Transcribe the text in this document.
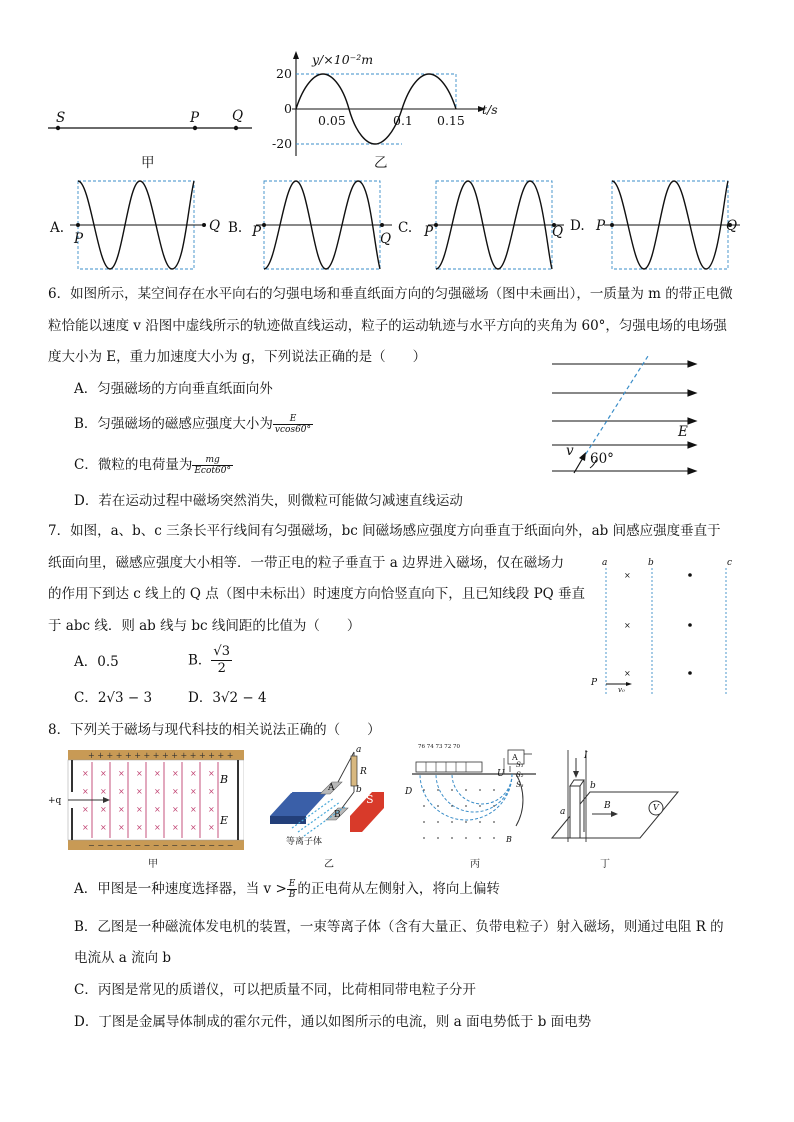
S	P Q
甲
y/×10⁻²m
t/s
20
0
-20
0.05	0.1 0.15
乙
A.
P
Q B. P	Q
C. P	Q D. P	Q
6．如图所示，某空间存在水平向右的匀强电场和垂直纸面方向的匀强磁场（图中未画出），一质量为 m 的带正电微
粒恰能以速度 v 沿图中虚线所示的轨迹做直线运动，粒子的运动轨迹与水平方向的夹角为 60°，匀强电场的电场强
度大小为 E，重力加速度大小为 g，下列说法正确的是（　　）
A．匀强磁场的方向垂直纸面向外
B．匀强磁场的磁感应强度大小为 $\frac{E}{vcos60^\circ}$
C．微粒的电荷量为 $\frac{mg}{Ecot60^\circ}$
D．若在运动过程中磁场突然消失，则微粒可能做匀减速直线运动
E
v 60°
7．如图，a、b、c 三条长平行线间有匀强磁场，bc 间磁场感应强度方向垂直于纸面向外，ab 间感应强度垂直于
纸面向里，磁感应强度大小相等．一带正电的粒子垂直于 a 边界进入磁场，仅在磁场力
的作用下到达 c 线上的 Q 点（图中未标出）时速度方向恰竖直向下，且已知线段 PQ 垂直
于 abc 线．则 ab 线与 bc 线间距的比值为（　　）
A．0.5	B． $\frac{√3}{2}$
C．2√3 − 3	D．3√2 − 4
×
×
×
a	b	c
P
v₀
8．下列关于磁场与现代科技的相关说法正确的（　　）
× × × × × × × ×
× × × × × × × ×
× × × × × × × ×
× × × × × × × ×
+ + + + + + + + + + + + + + + +
− − − − − − − − − − − − − − − −
B
E
+q
甲
N
S
A
B
R
a
b
等离子体
乙
76 74 73 72 70
D
U
A
S₁
S₂
S₃
B
丙
I
a
b
B	V
丁
A．甲图是一种速度选择器，当 $v > \frac{E}{B}$ 的正电荷从左侧射入，将向上偏转
B．乙图是一种磁流体发电机的装置，一束等离子体（含有大量正、负带电粒子）射入磁场，则通过电阻 R 的
电流从 a 流向 b
C．丙图是常见的质谱仪，可以把质量不同，比荷相同带电粒子分开
D．丁图是金属导体制成的霍尔元件，通以如图所示的电流，则 a 面电势低于 b 面电势
